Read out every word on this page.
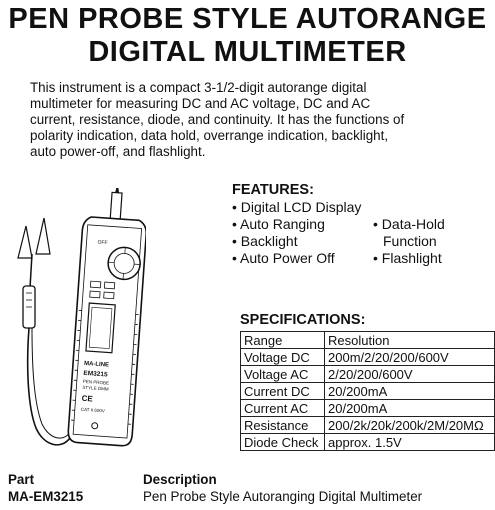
PEN PROBE STYLE AUTORANGE
DIGITAL MULTIMETER
This instrument is a compact 3-1/2-digit autorange digital
multimeter for measuring DC and AC voltage, DC and AC
current, resistance, diode, and continuity. It has the functions of
polarity indication, data hold, overrange indication, backlight,
auto power-off, and flashlight.
OFF
MA-LINE
EM3215
PEN PROBE
STYLE DMM
CE
CAT II 600V
FEATURES:
• Digital LCD Display
• Auto Ranging
• Backlight
• Auto Power Off
• Data-Hold
Function
• Flashlight
SPECIFICATIONS:
Range	Resolution
Voltage DC	200m/2/20/200/600V
Voltage AC	2/20/200/600V
Current DC	20/200mA
Current AC	20/200mA
Resistance	200/2k/20k/200k/2M/20MΩ
Diode Check	approx. 1.5V
Part	Description
MA-EM3215	Pen Probe Style Autoranging Digital Multimeter
